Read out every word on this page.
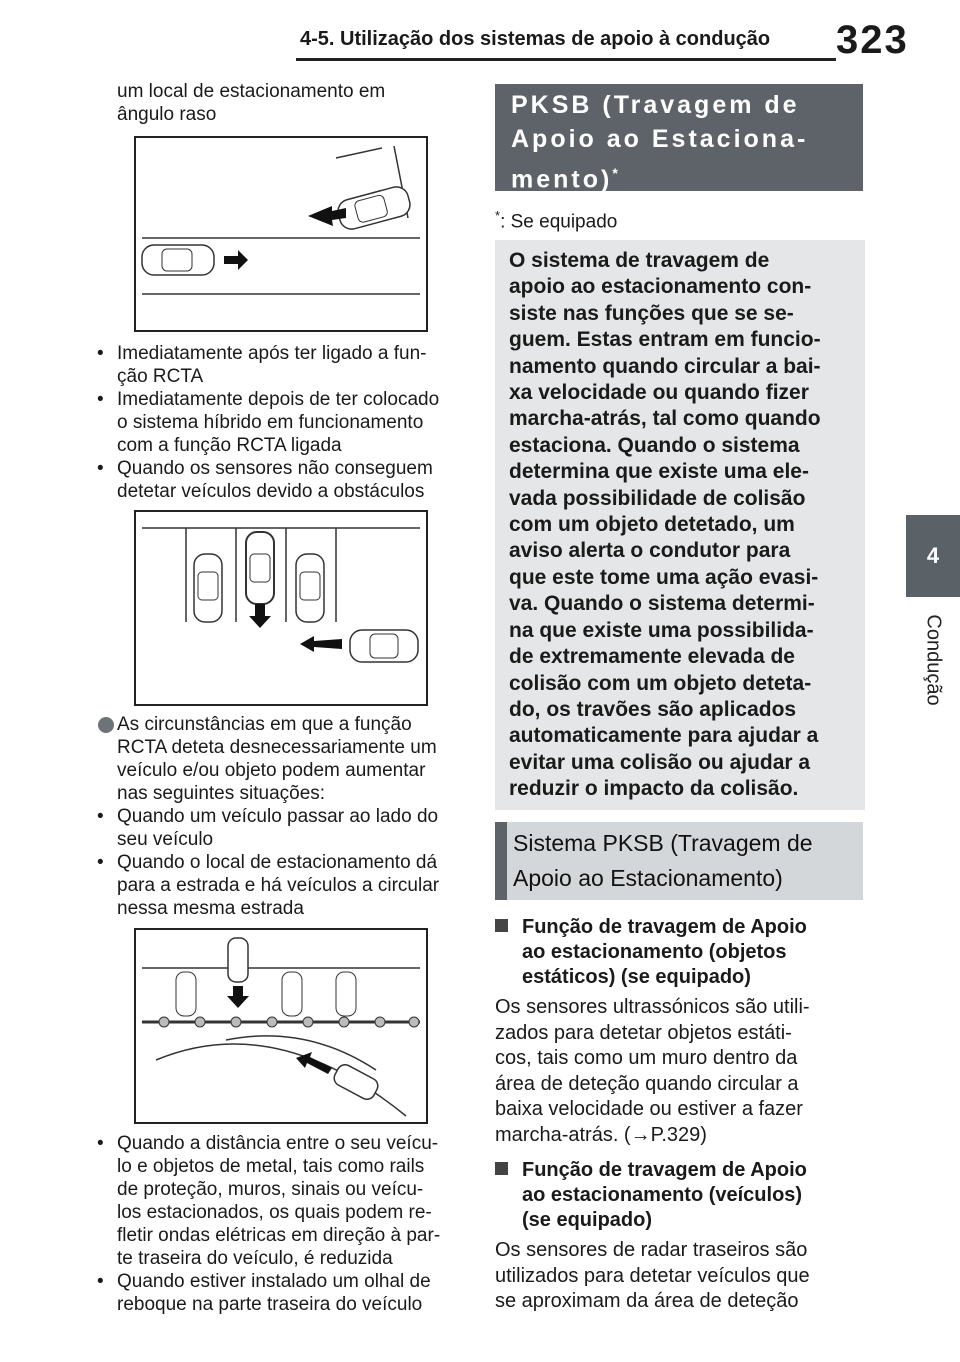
4-5. Utilização dos sistemas de apoio à condução 323
4
Condução
um local de estacionamento em
ângulo raso
• Imediatamente após ter ligado a fun-
ção RCTA
• Imediatamente depois de ter colocado
o sistema híbrido em funcionamento
com a função RCTA ligada
• Quando os sensores não conseguem
detetar veículos devido a obstáculos
As circunstâncias em que a função
RCTA deteta desnecessariamente um
veículo e/ou objeto podem aumentar
nas seguintes situações:
• Quando um veículo passar ao lado do
seu veículo
• Quando o local de estacionamento dá
para a estrada e há veículos a circular
nessa mesma estrada
• Quando a distância entre o seu veícu-
lo e objetos de metal, tais como rails
de proteção, muros, sinais ou veícu-
los estacionados, os quais podem re-
fletir ondas elétricas em direção à par-
te traseira do veículo, é reduzida
• Quando estiver instalado um olhal de
reboque na parte traseira do veículo
PKSB (Travagem de
Apoio ao Estaciona-
mento)*
*: Se equipado
O sistema de travagem de
apoio ao estacionamento con-
siste nas funções que se se-
guem. Estas entram em funcio-
namento quando circular a bai-
xa velocidade ou quando fizer
marcha-atrás, tal como quando
estaciona. Quando o sistema
determina que existe uma ele-
vada possibilidade de colisão
com um objeto detetado, um
aviso alerta o condutor para
que este tome uma ação evasi-
va. Quando o sistema determi-
na que existe uma possibilida-
de extremamente elevada de
colisão com um objeto deteta-
do, os travões são aplicados
automaticamente para ajudar a
evitar uma colisão ou ajudar a
reduzir o impacto da colisão.
Sistema PKSB (Travagem de
Apoio ao Estacionamento)
Função de travagem de Apoio
ao estacionamento (objetos
estáticos) (se equipado)
Os sensores ultrassónicos são utili-
zados para detetar objetos estáti-
cos, tais como um muro dentro da
área de deteção quando circular a
baixa velocidade ou estiver a fazer
marcha-atrás. (→P.329)
Função de travagem de Apoio
ao estacionamento (veículos)
(se equipado)
Os sensores de radar traseiros são
utilizados para detetar veículos que
se aproximam da área de deteção
